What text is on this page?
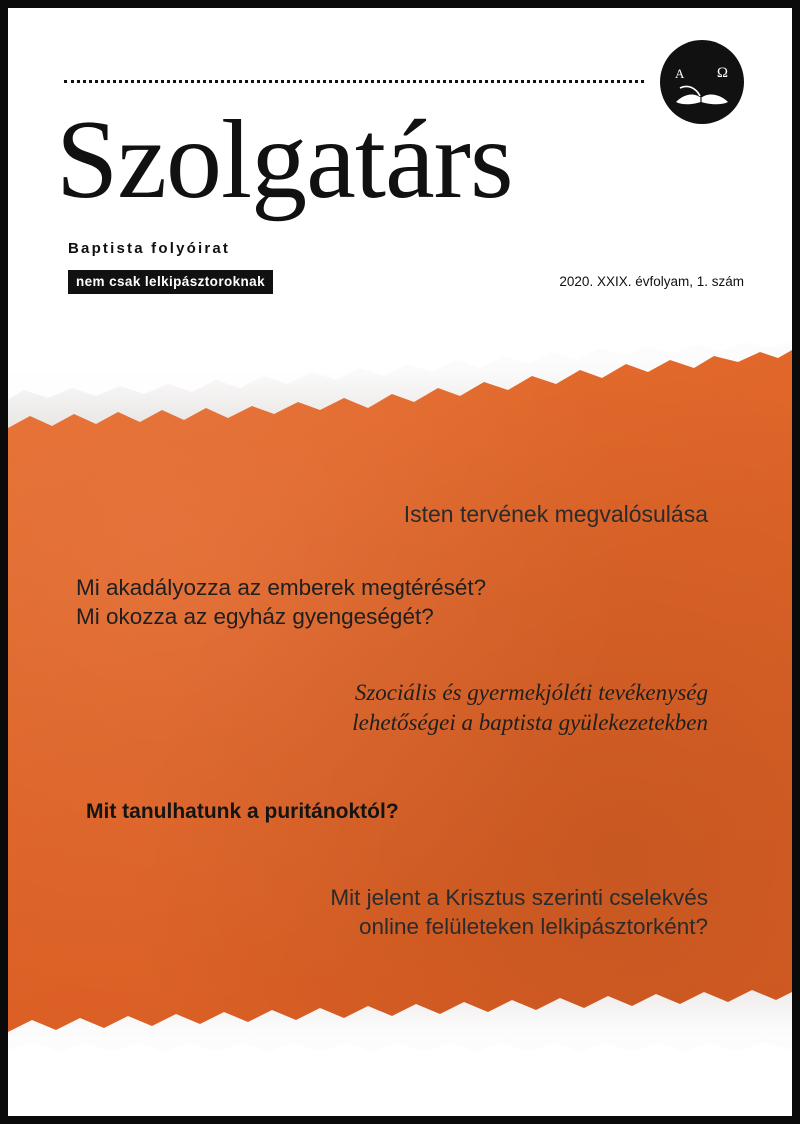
Isten tervének megvalósulása
Mi akadályozza az emberek megtérését?
Mi okozza az egyház gyengeségét?
Szociális és gyermekjóléti tevékenység
lehetőségei a baptista gyülekezetekben
Mit tanulhatunk a puritánoktól?
Mit jelent a Krisztus szerinti cselekvés
online felületeken lelkipásztorként?
A Ω
Szolgatárs
Baptista folyóirat
nem csak lelkipásztoroknak	2020. XXIX. évfolyam, 1. szám
